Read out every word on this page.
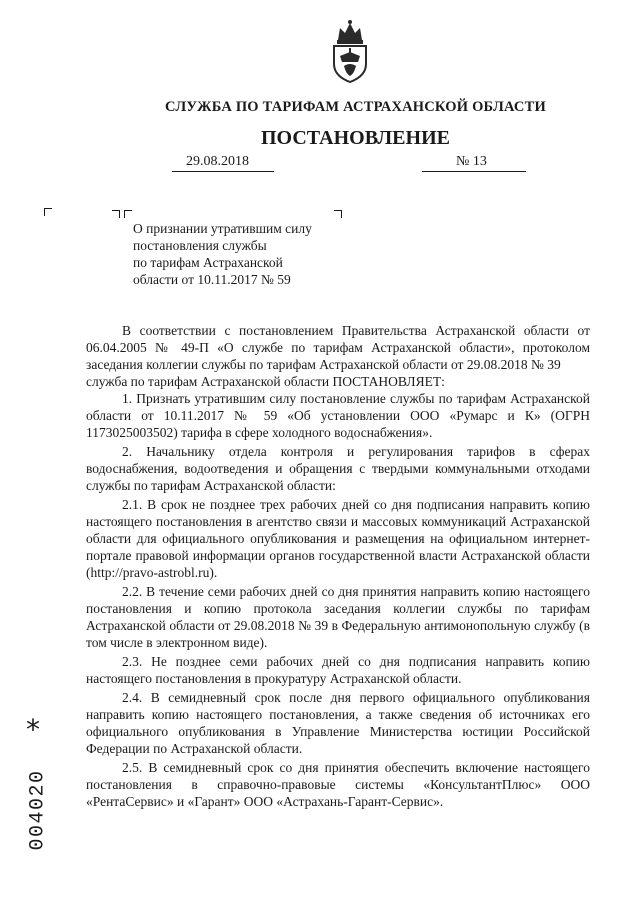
СЛУЖБА ПО ТАРИФАМ АСТРАХАНСКОЙ ОБЛАСТИ
ПОСТАНОВЛЕНИЕ
29.08.2018	№ 13
О признании утратившим силу
постановления службы
по тарифам Астраханской
области от 10.11.2017 № 59

В соответствии с постановлением Правительства Астраханской области от 06.04.2005 № 49-П «О службе по тарифам Астраханской области», протоколом заседания коллегии службы по тарифам Астраханской области от 29.08.2018 № 39

служба по тарифам Астраханской области ПОСТАНОВЛЯЕТ:

1. Признать утратившим силу постановление службы по тарифам Астраханской области от 10.11.2017 № 59 «Об установлении ООО «Румарс и К» (ОГРН 1173025003502) тарифа в сфере холодного водоснабжения».

2. Начальнику отдела контроля и регулирования тарифов в сферах водоснабжения, водоотведения и обращения с твердыми коммунальными отходами службы по тарифам Астраханской области:

2.1. В срок не позднее трех рабочих дней со дня подписания направить копию настоящего постановления в агентство связи и массовых коммуникаций Астраханской области для официального опубликования и размещения на официальном интернет-портале правовой информации органов государственной власти Астраханской области (http://pravo-astrobl.ru).

2.2. В течение семи рабочих дней со дня принятия направить копию настоящего постановления и копию протокола заседания коллегии службы по тарифам Астраханской области от 29.08.2018 № 39 в Федеральную антимонопольную службу (в том числе в электронном виде).

2.3. Не позднее семи рабочих дней со дня подписания направить копию настоящего постановления в прокуратуру Астраханской области.

2.4. В семидневный срок после дня первого официального опубликования направить копию настоящего постановления, а также сведения об источниках его официального опубликования в Управление Министерства юстиции Российской Федерации по Астраханской области.

2.5. В семидневный срок со дня принятия обеспечить включение настоящего постановления в справочно-правовые системы «КонсультантПлюс» ООО «РентаСервис» и «Гарант» ООО «Астрахань-Гарант-Сервис».

*
004020
